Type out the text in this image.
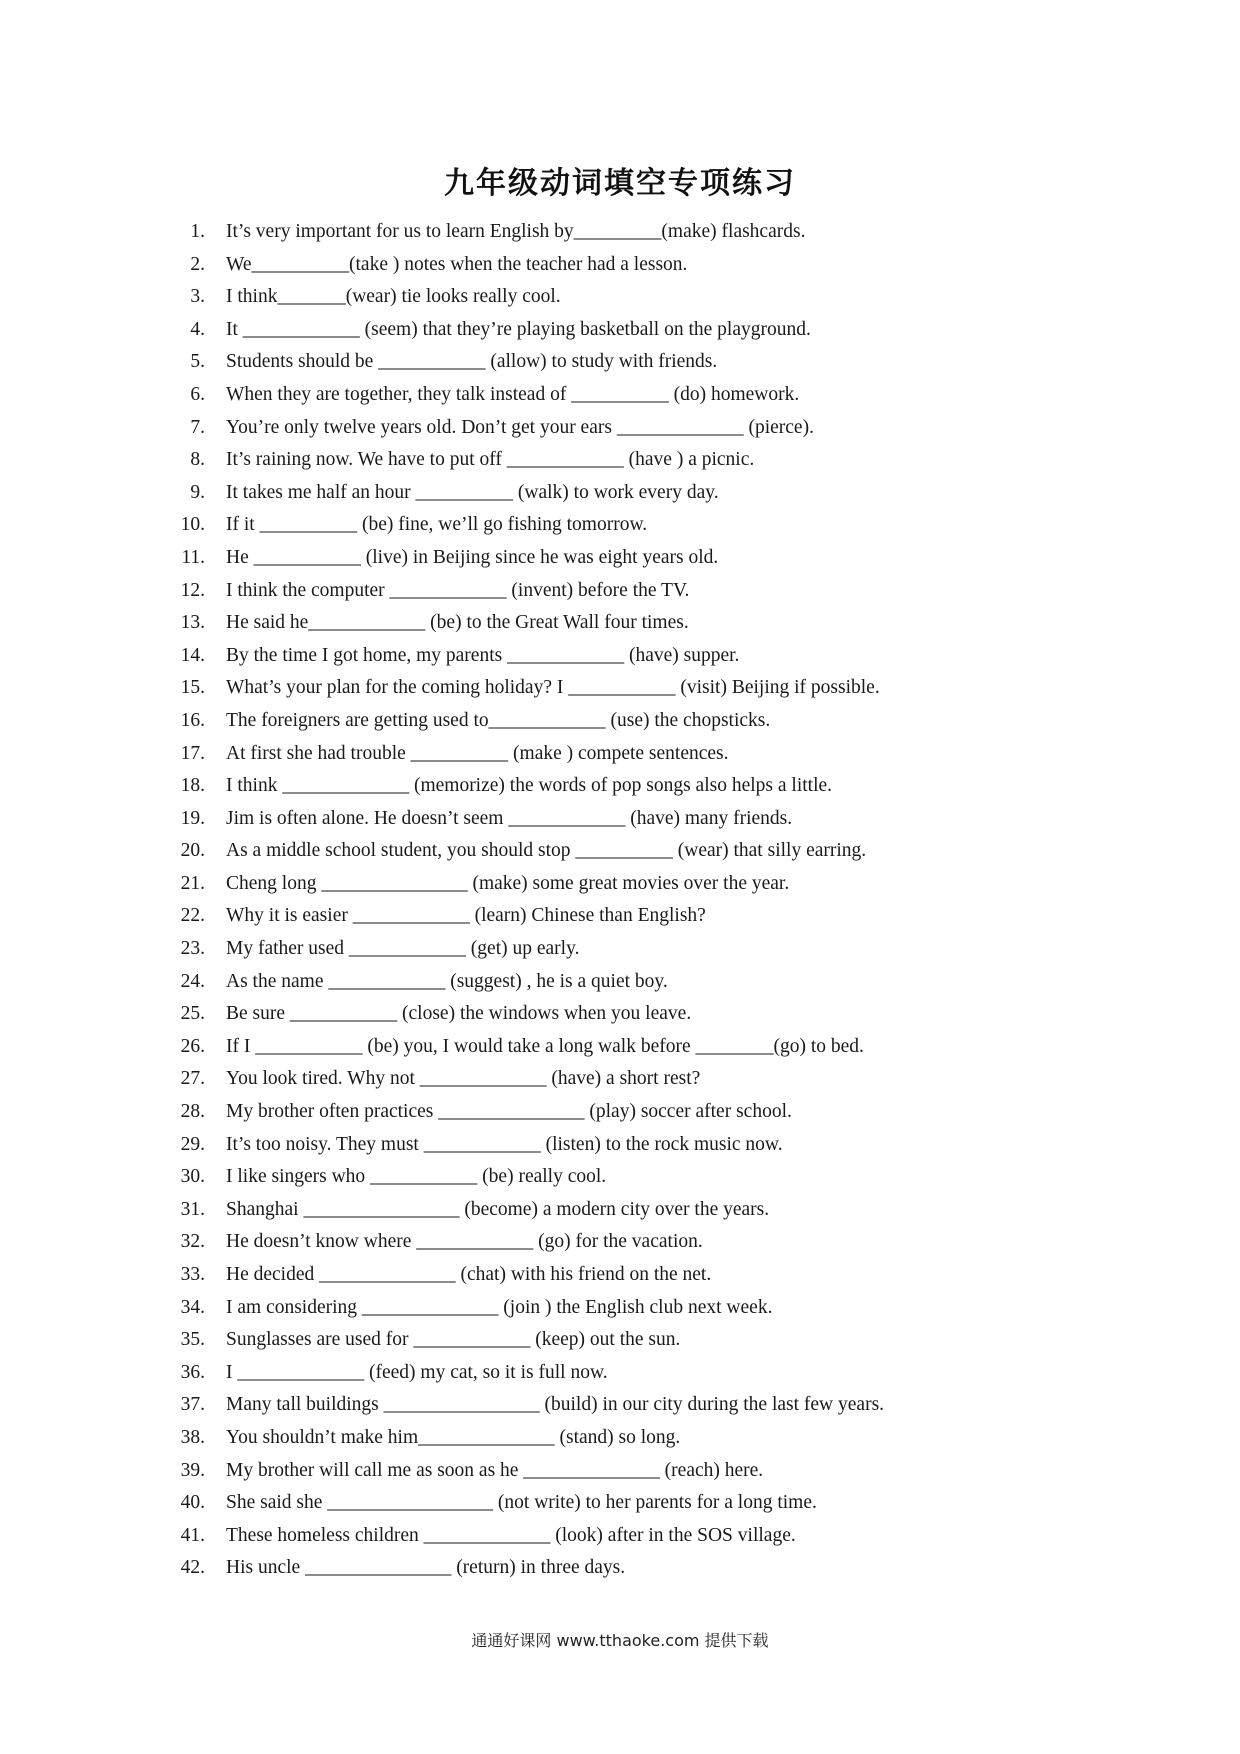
九年级动词填空专项练习
1. It’s very important for us to learn English by_________(make) flashcards.
2. We__________(take ) notes when the teacher had a lesson.
3. I think_______(wear) tie looks really cool.
4. It ____________ (seem) that they’re playing basketball on the playground.
5. Students should be ___________ (allow) to study with friends.
6. When they are together, they talk instead of __________ (do) homework.
7. You’re only twelve years old. Don’t get your ears _____________ (pierce).
8. It’s raining now. We have to put off ____________ (have ) a picnic.
9. It takes me half an hour __________ (walk) to work every day.
10. If it __________ (be) fine, we’ll go fishing tomorrow.
11. He ___________ (live) in Beijing since he was eight years old.
12. I think the computer ____________ (invent) before the TV.
13. He said he____________ (be) to the Great Wall four times.
14. By the time I got home, my parents ____________ (have) supper.
15. What’s your plan for the coming holiday? I ___________ (visit) Beijing if possible.
16. The foreigners are getting used to____________ (use) the chopsticks.
17. At first she had trouble __________ (make ) compete sentences.
18. I think _____________ (memorize) the words of pop songs also helps a little.
19. Jim is often alone. He doesn’t seem ____________ (have) many friends.
20. As a middle school student, you should stop __________ (wear) that silly earring.
21. Cheng long _______________ (make) some great movies over the year.
22. Why it is easier ____________ (learn) Chinese than English?
23. My father used ____________ (get) up early.
24. As the name ____________ (suggest) , he is a quiet boy.
25. Be sure ___________ (close) the windows when you leave.
26. If I ___________ (be) you, I would take a long walk before ________(go) to bed.
27. You look tired. Why not _____________ (have) a short rest?
28. My brother often practices _______________ (play) soccer after school.
29. It’s too noisy. They must ____________ (listen) to the rock music now.
30. I like singers who ___________ (be) really cool.
31. Shanghai ________________ (become) a modern city over the years.
32. He doesn’t know where ____________ (go) for the vacation.
33. He decided ______________ (chat) with his friend on the net.
34. I am considering ______________ (join ) the English club next week.
35. Sunglasses are used for ____________ (keep) out the sun.
36. I _____________ (feed) my cat, so it is full now.
37. Many tall buildings ________________ (build) in our city during the last few years.
38. You shouldn’t make him______________ (stand) so long.
39. My brother will call me as soon as he ______________ (reach) here.
40. She said she _________________ (not write) to her parents for a long time.
41. These homeless children _____________ (look) after in the SOS village.
42. His uncle _______________ (return) in three days.
通通好课网 www.tthaoke.com 提供下载
